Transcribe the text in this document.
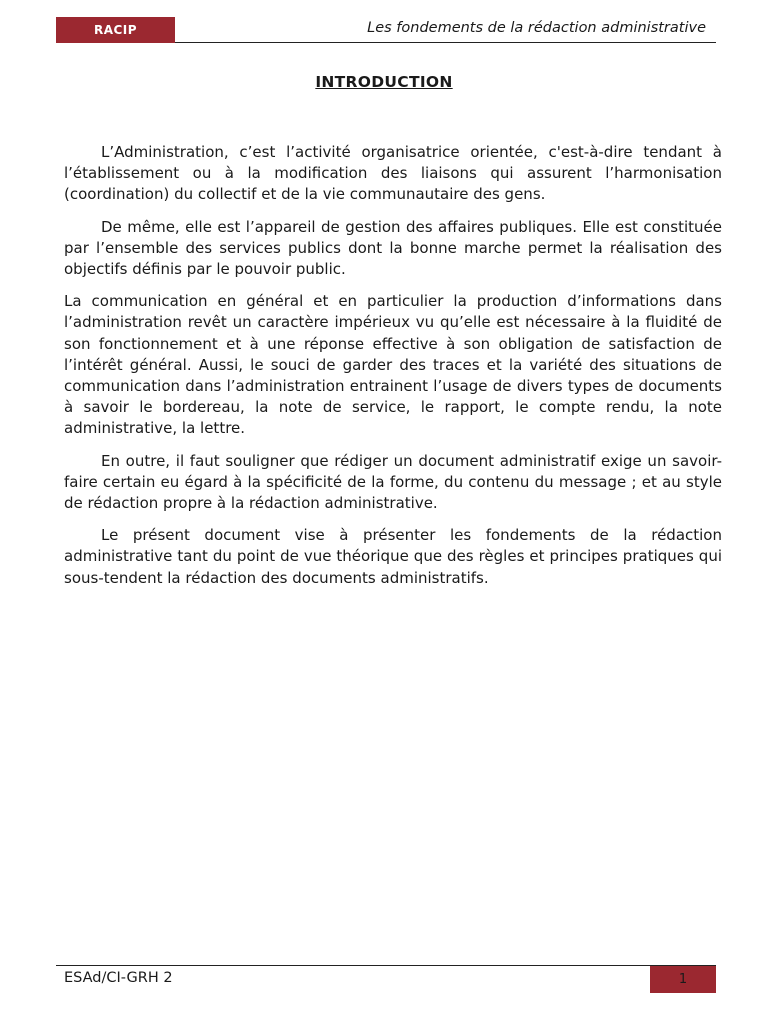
RACIP	Les fondements de la rédaction administrative
INTRODUCTION

L’Administration, c’est l’activité organisatrice orientée, c'est-à-dire tendant à l’établissement ou à la modification des liaisons qui assurent l’harmonisation (coordination) du collectif et de la vie communautaire des gens.

De même, elle est l’appareil de gestion des affaires publiques. Elle est constituée par l’ensemble des services publics dont la bonne marche permet la réalisation des objectifs définis par le pouvoir public.

La communication en général et en particulier la production d’informations dans l’administration revêt un caractère impérieux vu qu’elle est nécessaire à la fluidité de son fonctionnement et à une réponse effective à son obligation de satisfaction de l’intérêt général. Aussi, le souci de garder des traces et la variété des situations de communication dans l’administration entrainent l’usage de divers types de documents à savoir le bordereau, la note de service, le rapport, le compte rendu, la note administrative, la lettre.

En outre, il faut souligner que rédiger un document administratif exige un savoir- faire certain eu égard à la spécificité de la forme, du contenu du message ; et au style de rédaction propre à la rédaction administrative.

Le présent document vise à présenter les fondements de la rédaction administrative tant du point de vue théorique que des règles et principes pratiques qui sous-tendent la rédaction des documents administratifs.

ESAd/CI-GRH 2	1
